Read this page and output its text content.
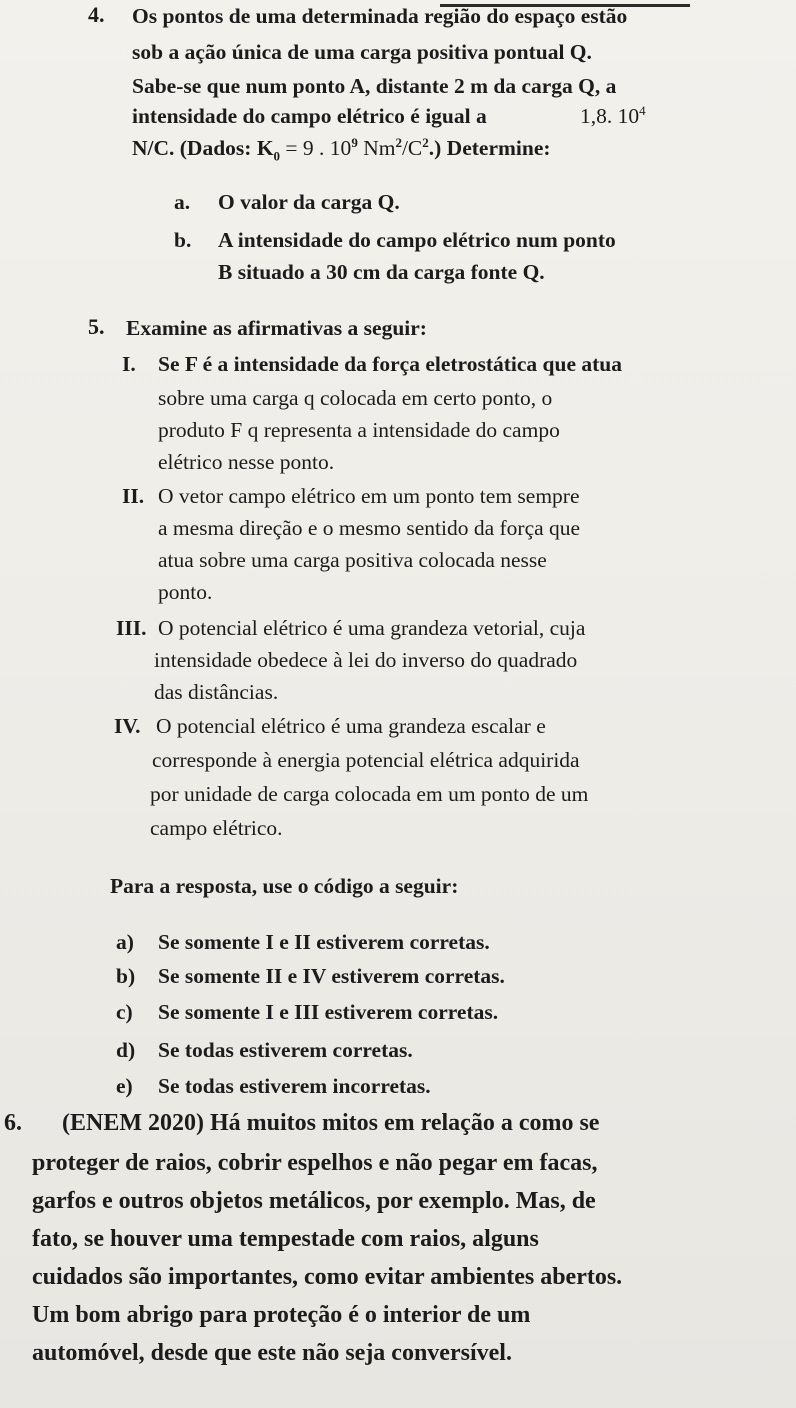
4. Os pontos de uma determinada região do espaço estão
sob a ação única de uma carga positiva pontual Q.
Sabe-se que num ponto A, distante 2 m da carga Q, a
intensidade do campo elétrico é igual a	1,8. $10^4$
N/C. (Dados: $K_0 = 9$ . $10^9$ $Nm^2/C^2$.) Determine:
a. O valor da carga Q.
b. A intensidade do campo elétrico num ponto
B situado a 30 cm da carga fonte Q.
5. Examine as afirmativas a seguir:
I. Se F é a intensidade da força eletrostática que atua
sobre uma carga q colocada em certo ponto, o
produto F q representa a intensidade do campo
elétrico nesse ponto.
II. O vetor campo elétrico em um ponto tem sempre
a mesma direção e o mesmo sentido da força que
atua sobre uma carga positiva colocada nesse
ponto.
III. O potencial elétrico é uma grandeza vetorial, cuja
intensidade obedece à lei do inverso do quadrado
das distâncias.
IV. O potencial elétrico é uma grandeza escalar e
corresponde à energia potencial elétrica adquirida
por unidade de carga colocada em um ponto de um
campo elétrico.
Para a resposta, use o código a seguir:
a) Se somente I e II estiverem corretas.
b) Se somente II e IV estiverem corretas.
c) Se somente I e III estiverem corretas.
d) Se todas estiverem corretas.
e) Se todas estiverem incorretas.
6. (ENEM 2020) Há muitos mitos em relação a como se
proteger de raios, cobrir espelhos e não pegar em facas,
garfos e outros objetos metálicos, por exemplo. Mas, de
fato, se houver uma tempestade com raios, alguns
cuidados são importantes, como evitar ambientes abertos.
Um bom abrigo para proteção é o interior de um
automóvel, desde que este não seja conversível.
